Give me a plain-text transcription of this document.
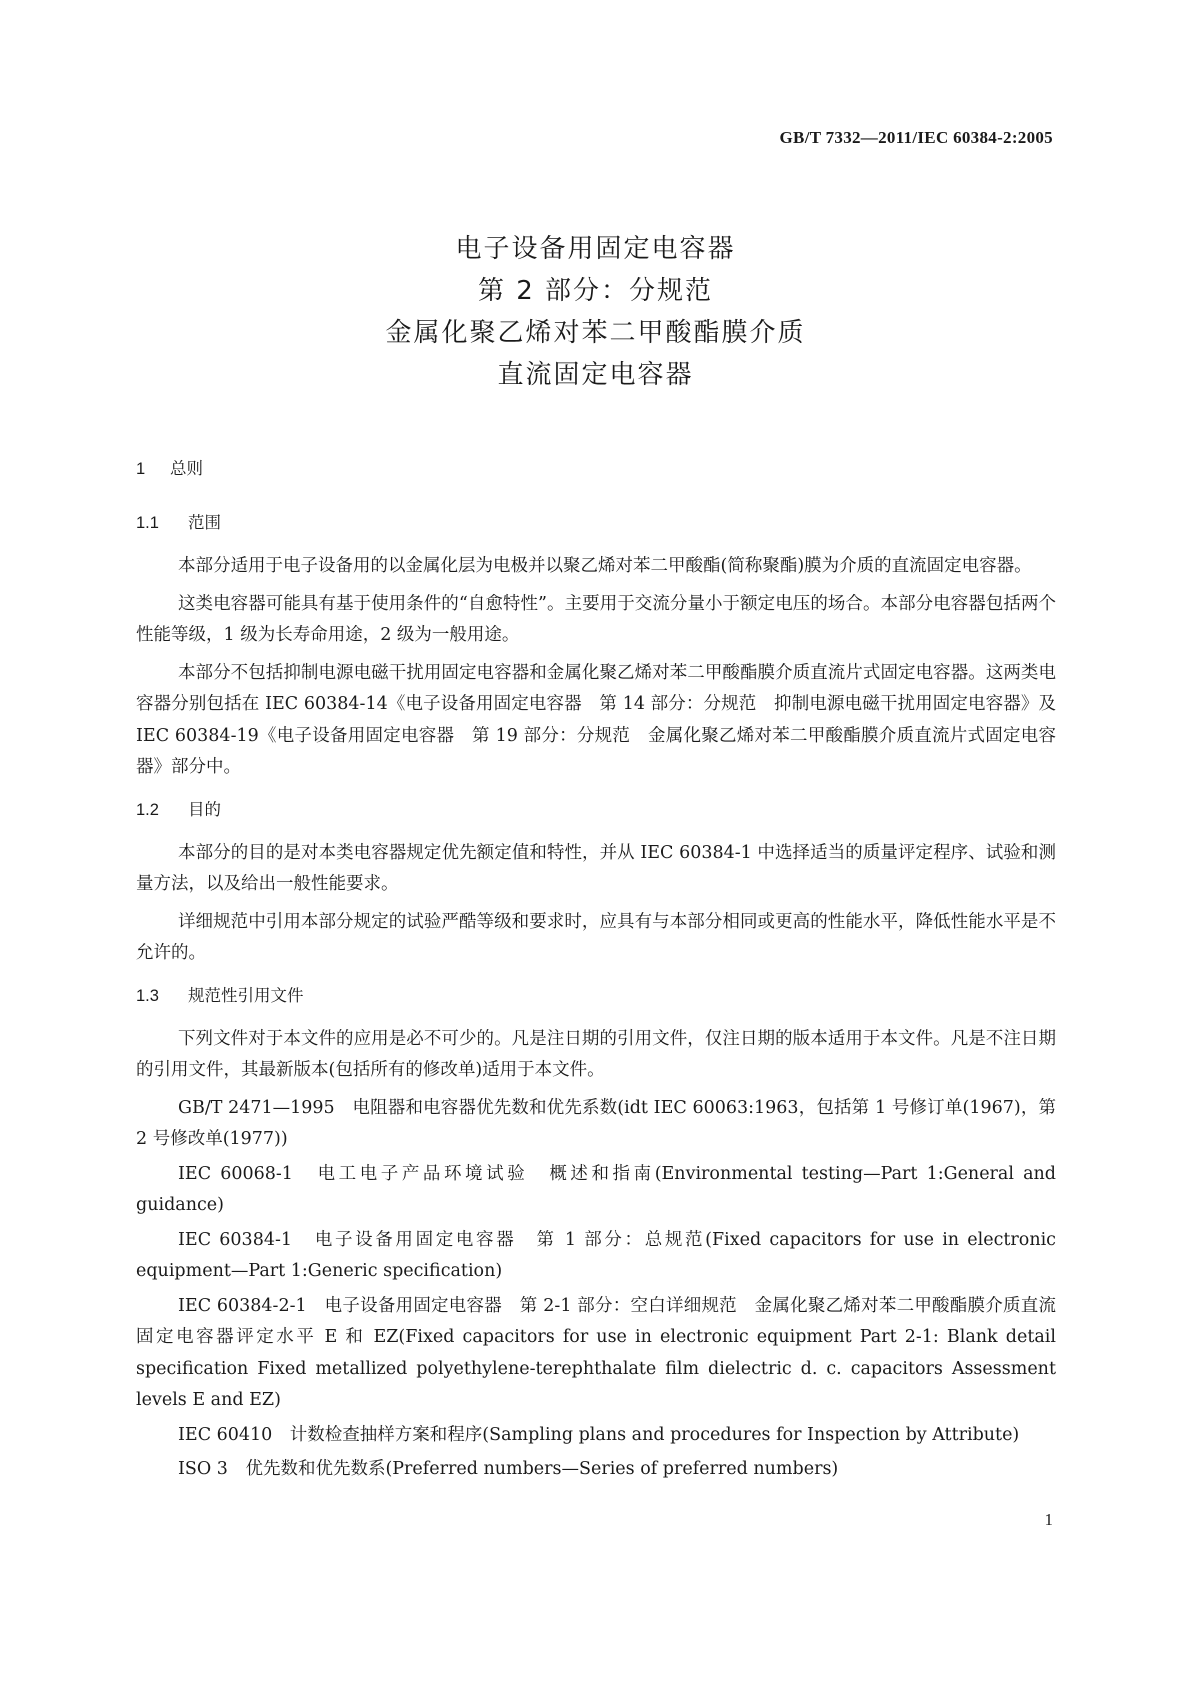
GB/T 7332—2011/IEC 60384-2:2005
电子设备用固定电容器
第 2 部分：分规范
金属化聚乙烯对苯二甲酸酯膜介质
直流固定电容器
1 总则
1.1 范围

本部分适用于电子设备用的以金属化层为电极并以聚乙烯对苯二甲酸酯(简称聚酯)膜为介质的直流固定电容器。

这类电容器可能具有基于使用条件的“自愈特性”。主要用于交流分量小于额定电压的场合。本部分电容器包括两个性能等级，1 级为长寿命用途，2 级为一般用途。

本部分不包括抑制电源电磁干扰用固定电容器和金属化聚乙烯对苯二甲酸酯膜介质直流片式固定电容器。这两类电容器分别包括在 IEC 60384-14《电子设备用固定电容器　第 14 部分：分规范　抑制电源电磁干扰用固定电容器》及 IEC 60384-19《电子设备用固定电容器　第 19 部分：分规范　金属化聚乙烯对苯二甲酸酯膜介质直流片式固定电容器》部分中。

1.2 目的

本部分的目的是对本类电容器规定优先额定值和特性，并从 IEC 60384-1 中选择适当的质量评定程序、试验和测量方法，以及给出一般性能要求。

详细规范中引用本部分规定的试验严酷等级和要求时，应具有与本部分相同或更高的性能水平，降低性能水平是不允许的。

1.3 规范性引用文件

下列文件对于本文件的应用是必不可少的。凡是注日期的引用文件，仅注日期的版本适用于本文件。凡是不注日期的引用文件，其最新版本(包括所有的修改单)适用于本文件。

GB/T 2471—1995　电阻器和电容器优先数和优先系数(idt IEC 60063:1963，包括第 1 号修订单(1967)，第 2 号修改单(1977))

IEC 60068-1　电工电子产品环境试验　概述和指南(Environmental testing—Part 1:General and guidance)

IEC 60384-1　电子设备用固定电容器　第 1 部分：总规范(Fixed capacitors for use in electronic equipment—Part 1:Generic specification)

IEC 60384-2-1　电子设备用固定电容器　第 2-1 部分：空白详细规范　金属化聚乙烯对苯二甲酸酯膜介质直流固定电容器评定水平 E 和 EZ(Fixed capacitors for use in electronic equipment Part 2-1: Blank detail specification Fixed metallized polyethylene-terephthalate film dielectric d. c. capacitors Assessment levels E and EZ)

IEC 60410　计数检查抽样方案和程序(Sampling plans and procedures for Inspection by Attribute)

ISO 3　优先数和优先数系(Preferred numbers—Series of preferred numbers)

1
